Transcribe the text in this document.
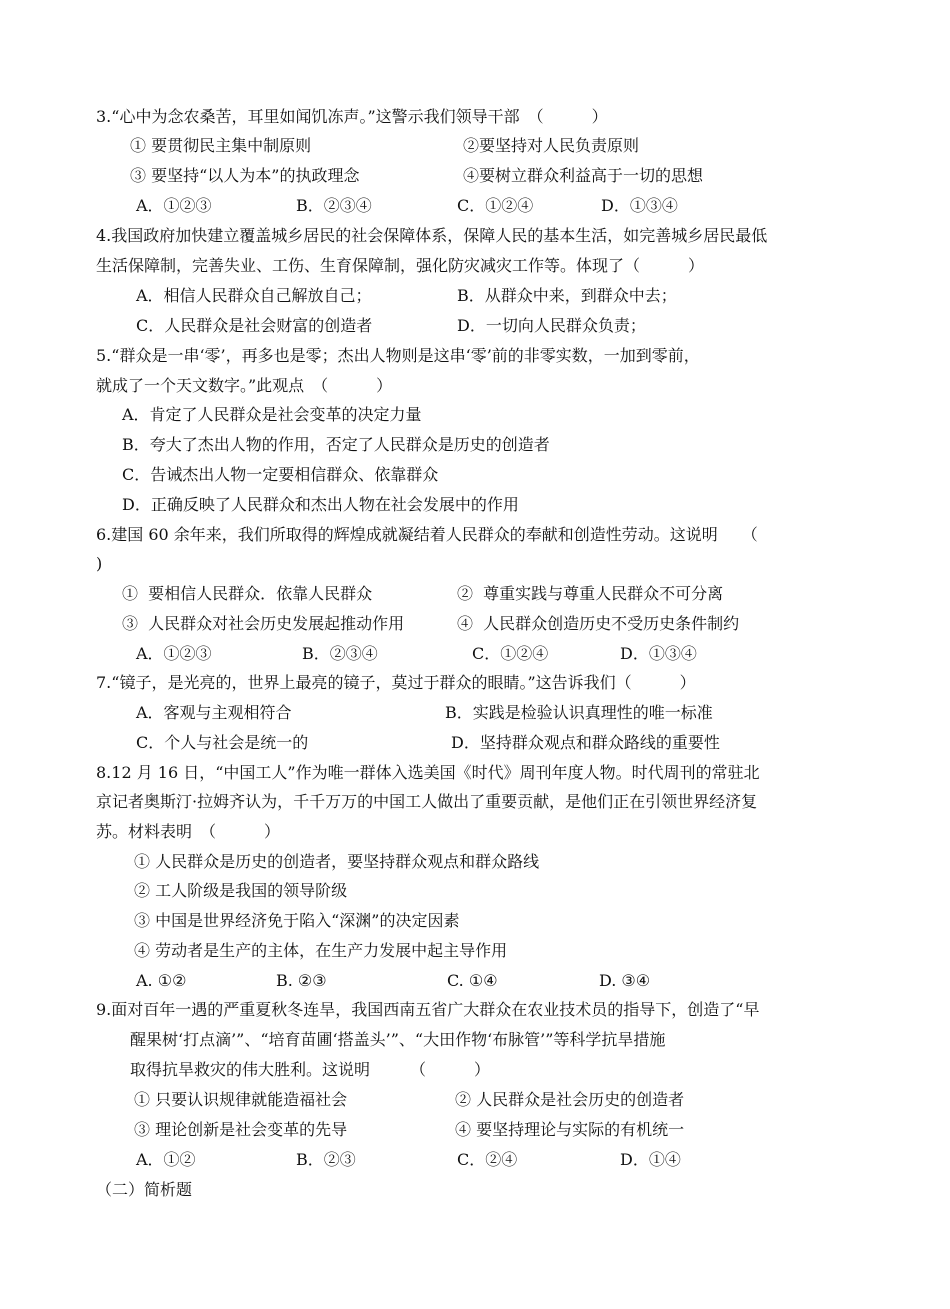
3.“心中为念农桑苦，耳里如闻饥冻声。”这警示我们领导干部　（　　　）
① 要贯彻民主集中制原则	②要坚持对人民负责原则
③ 要坚持“以人为本”的执政理念	④要树立群众利益高于一切的思想
A．①②③	B．②③④	C．①②④	D．①③④
4.我国政府加快建立覆盖城乡居民的社会保障体系，保障人民的基本生活，如完善城乡居民最低
生活保障制，完善失业、工伤、生育保障制，强化防灾减灾工作等。体现了（　　　）
A．相信人民群众自己解放自己；	B．从群众中来，到群众中去；
C．人民群众是社会财富的创造者	D．一切向人民群众负责；
5.“群众是一串‘零’，再多也是零；杰出人物则是这串‘零’前的非零实数，一加到零前，
就成了一个天文数字。”此观点　（　　　）
A．肯定了人民群众是社会变革的决定力量
B．夸大了杰出人物的作用，否定了人民群众是历史的创造者
C．告诫杰出人物一定要相信群众、依靠群众
D．正确反映了人民群众和杰出人物在社会发展中的作用
6.建国 60 余年来，我们所取得的辉煌成就凝结着人民群众的奉献和创造性劳动。这说明　　（
)
①  要相信人民群众．依靠人民群众	②  尊重实践与尊重人民群众不可分离
③  人民群众对社会历史发展起推动作用	④  人民群众创造历史不受历史条件制约
A．①②③	B．②③④	C．①②④	D．①③④
7.“镜子，是光亮的，世界上最亮的镜子，莫过于群众的眼睛。”这告诉我们（　　　）
A．客观与主观相符合	B．实践是检验认识真理性的唯一标准
C．个人与社会是统一的	D．坚持群众观点和群众路线的重要性
8.12 月 16 日，“中国工人”作为唯一群体入选美国《时代》周刊年度人物。时代周刊的常驻北
京记者奥斯汀·拉姆齐认为，千千万万的中国工人做出了重要贡献，是他们正在引领世界经济复
苏。材料表明　（　　　）
① 人民群众是历史的创造者，要坚持群众观点和群众路线
② 工人阶级是我国的领导阶级
③ 中国是世界经济免于陷入“深渊”的决定因素
④ 劳动者是生产的主体，在生产力发展中起主导作用
A. ①②	B. ②③	C. ①④	D. ③④
9.面对百年一遇的严重夏秋冬连旱，我国西南五省广大群众在农业技术员的指导下，创造了“早
醒果树‘打点滴’”、“培育苗圃‘搭盖头’”、“大田作物‘布脉管’”等科学抗旱措施
取得抗旱救灾的伟大胜利。这说明　　　（　　　）
① 只要认识规律就能造福社会	② 人民群众是社会历史的创造者
③ 理论创新是社会变革的先导	④ 要坚持理论与实际的有机统一
A．①②	B．②③	C．②④	D．①④
（二）简析题
